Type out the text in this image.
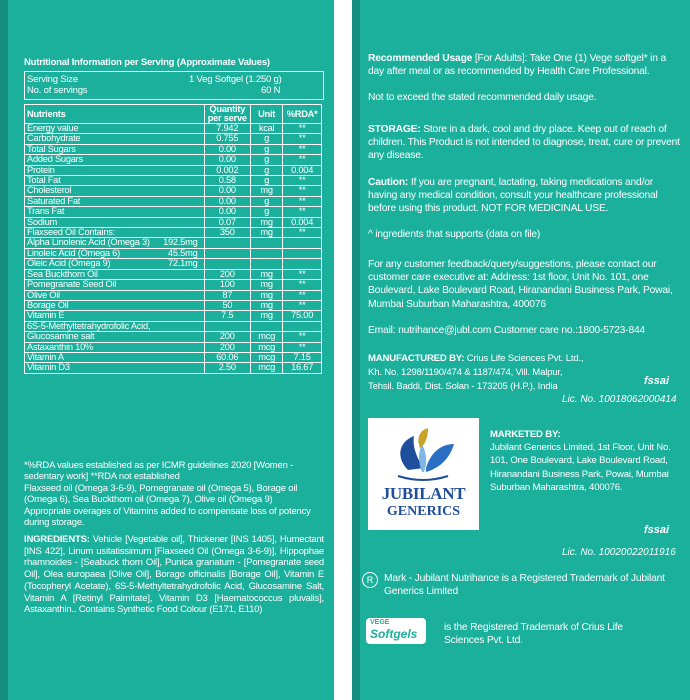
Nutritional Information per Serving (Approximate Values)
Serving Size	1 Veg Softgel (1.250 g)
No. of servings	60 N
Nutrients	Quantity per serve	Unit	%RDA*
Energy value	7.942	kcal	**
Carbohydrate	0.755	g	**
Total Sugars	0.00	g	**
Added Sugars	0.00	g	**
Protein	0.002	g	0.004
Total Fat	0.58	g	**
Cholesterol	0.00	mg	**
Saturated Fat	0.00	g	**
Trans Fat	0.00	g	**
Sodium	0.07	mg	0.004
Flaxseed Oil Contains:	350	mg	**
Alpha Linolenic Acid (Omega 3) 192.5mg			

Linoleic Acid (Omega 6) 45.5mg			

Oleic Acid (Omega 9) 72.1mg			

Sea Buckthorn Oil	200	mg	**
Pomegranate Seed Oil	100	mg	**
Olive Oil	87	mg	**
Borage Oil	50	mg	**
Vitamin E	7.5	mg	75.00
6S-5-Methyltetrahydrofolic Acid,			
Glucosamine salt	200	mcg	**
Astaxanthin 10%	200	mcg	**
Vitamin A	60.06	mcg	7.15
Vitamin D3	2.50	mcg	16.67
*%RDA values established as per ICMR guidelines 2020 [Women - sedentary work] **RDA not established
Flaxseed oil (Omega 3-6-9), Pomegranate oil (Omega 5), Borage oil (Omega 6), Sea Buckthorn oil (Omega 7), Olive oil (Omega 9)
Appropriate overages of Vitamins added to compensate loss of potency during storage.
INGREDIENTS: Vehicle [Vegetable oil], Thickener [INS 1405], Humectant [INS 422], Linum usitatissimum [Flaxseed Oil (Omega 3-6-9)], Hippophae rhamnoides - [Seabuck thorn Oil], Punica granatum - [Pomegranate seed Oil], Olea europaea [Olive Oil], Borago officinalis [Borage Oil], Vitamin E (Tocopheryl Acetate), 6S-5-Methyltetrahydrofolic Acid, Glucosamine Salt, Vitamin A [Retinyl Palmitate], Vitamin D3 [Haematococcus pluvalis], Astaxanthin.. Contains Synthetic Food Colour (E171, E110)
Recommended Usage [For Adults]: Take One (1) Vege softgel* in a day after meal or as recommended by Health Care Professional.
Not to exceed the stated recommended daily usage.
STORAGE: Store in a dark, cool and dry place. Keep out of reach of children. This Product is not intended to diagnose, treat, cure or prevent any disease.
Caution: If you are pregnant, lactating, taking medications and/or having any medical condition, consult your healthcare professional before using this product. NOT FOR MEDICINAL USE.
^ ingredients that supports (data on file)
For any customer feedback/query/suggestions, please contact our customer care executive at: Address: 1st floor, Unit No. 101, one Boulevard, Lake Boulevard Road, Hiranandani Business Park, Powai, Mumbai Suburban Maharashtra, 400076
Email: nutrihance@jubl.com Customer care no.:1800-5723-844
MANUFACTURED BY: Crius Life Sciences Pvt. Ltd., Kh. No. 1298/1190/474 & 1187/474, Vill. Malpur, Tehsil. Baddi, Dist. Solan - 173205 (H.P.), India	fssai
Lic. No. 10018062000414
JUBILANT
GENERICS
MARKETED BY:
Jubilant Generics Limited, 1st Floor, Unit No. 101, One Boulevard, Lake Boulevard Road, Hiranandani Business Park, Powai, Mumbai Suburban Maharashtra, 400076.
fssai
Lic. No. 10020022011916
R	Mark - Jubilant Nutrihance is a Registered Trademark of Jubilant Generics Limited
VEGE
Softgels	is the Registered Trademark of Crius Life Sciences Pvt. Ltd.
